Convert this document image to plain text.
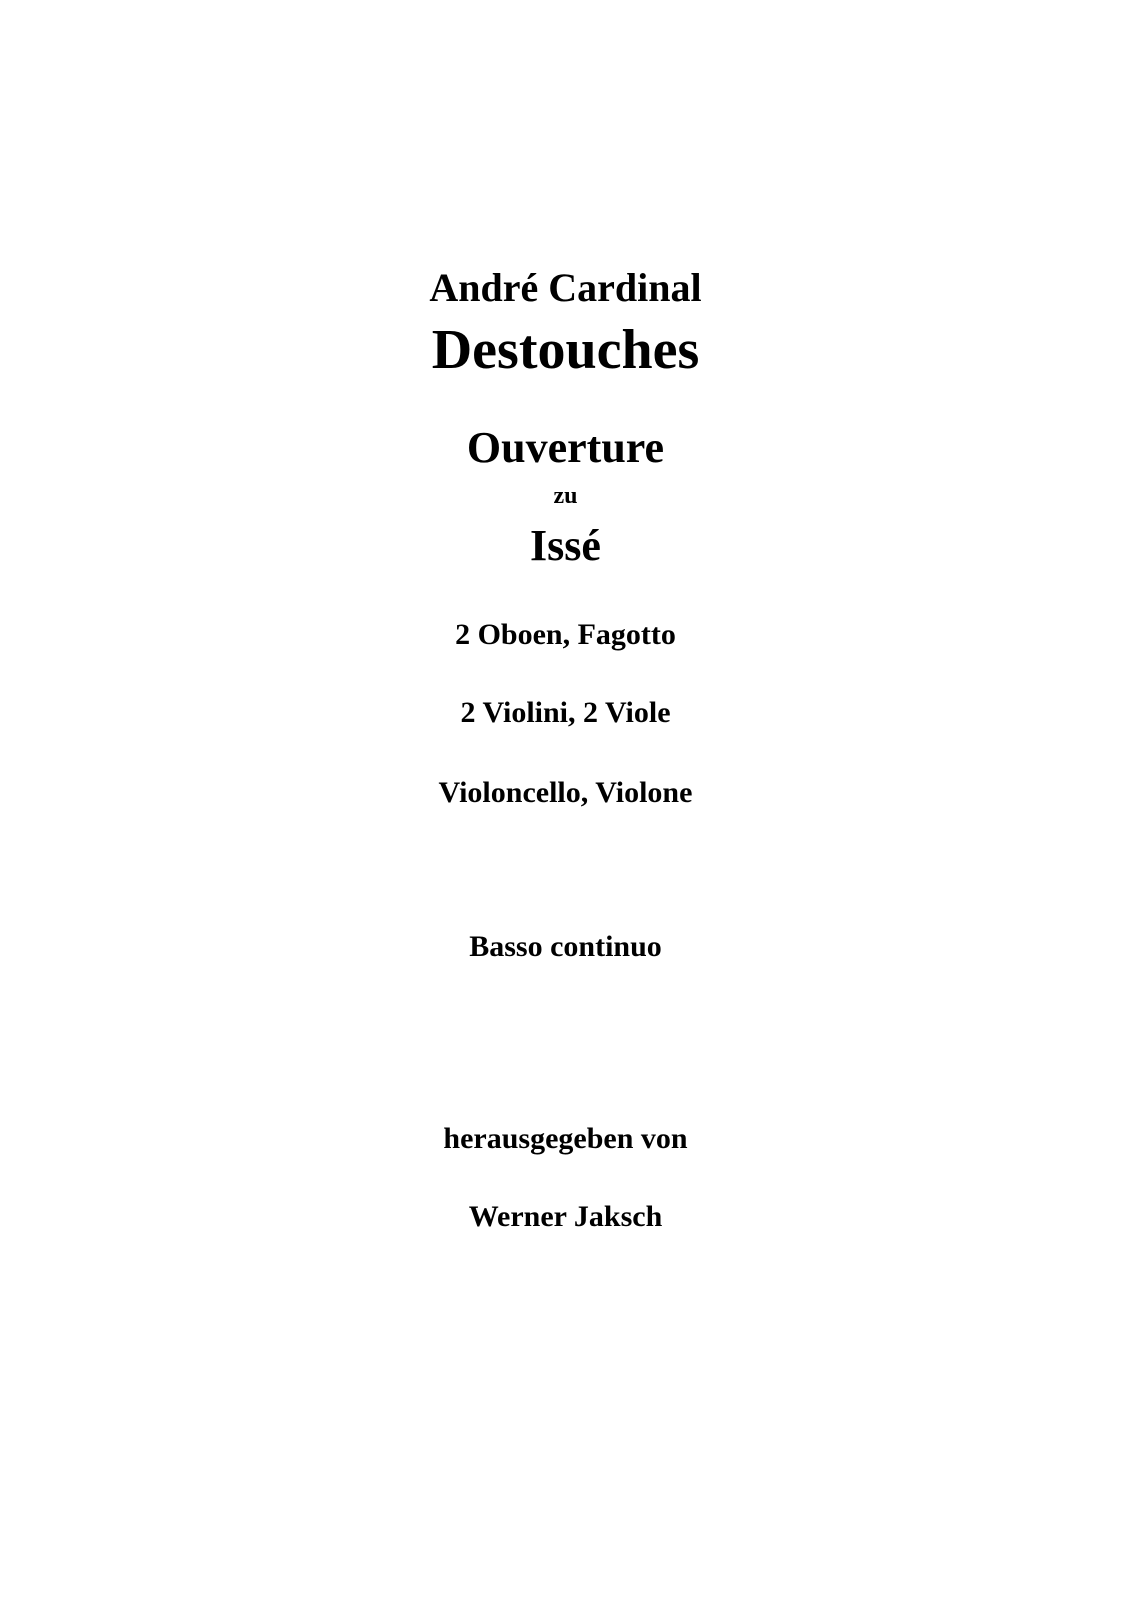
André Cardinal
Destouches
Ouverture
zu
Issé
2 Oboen, Fagotto
2 Violini, 2 Viole
Violoncello, Violone
Basso continuo
herausgegeben von
Werner Jaksch
